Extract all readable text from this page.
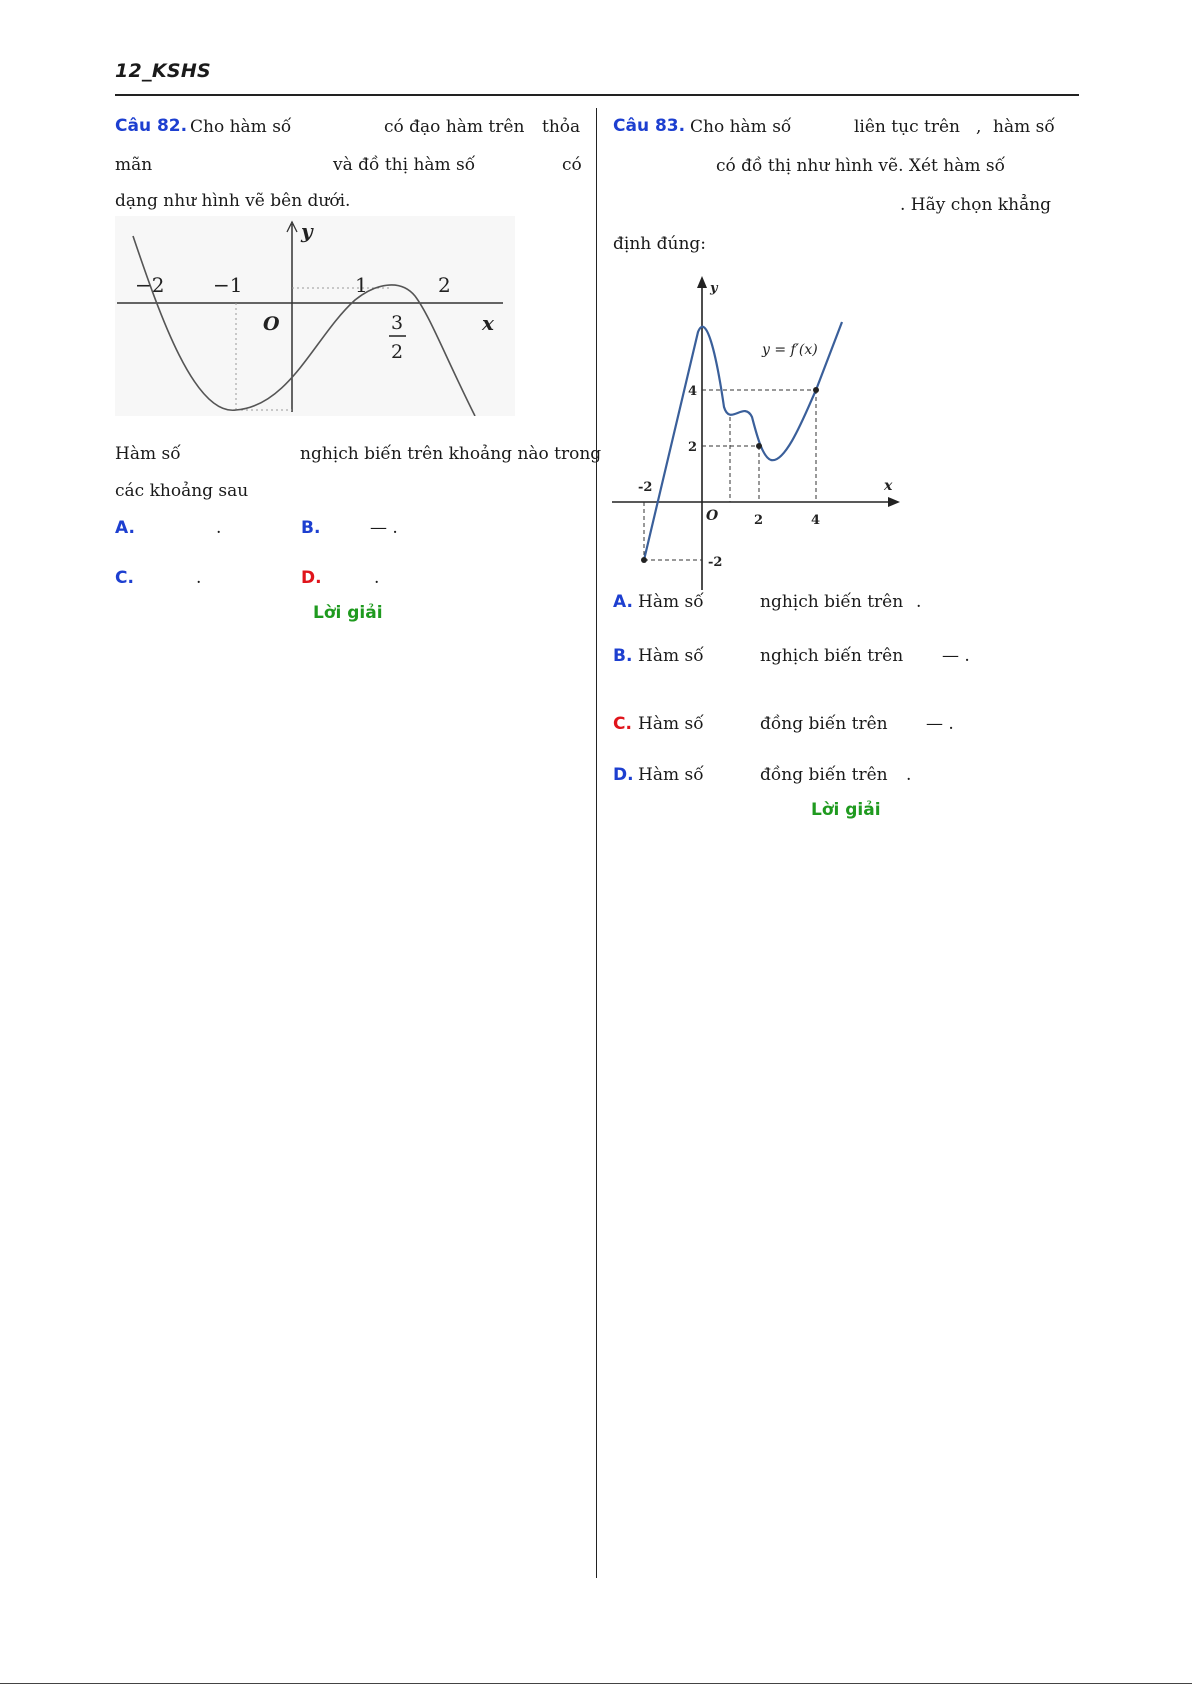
12_KSHS
Câu 82. Cho hàm số	có đạo hàm trên thỏa
mãn	và đồ thị hàm số	có
dạng như hình vẽ bên dưới.
y
x
O
−2 −1	1	2
3
2
Hàm số	nghịch biến trên khoảng nào trong
các khoảng sau
A.	.	B.	— .
C.	.	D.	.
Lời giải
Câu 83. Cho hàm số	liên tục trên , hàm số
có đồ thị như hình vẽ. Xét hàm số
. Hãy chọn khẳng
định đúng:
y
x
O
y = f′(x)
-2
2	4
4
2
-2
A. Hàm số	nghịch biến trên .
B. Hàm số	nghịch biến trên — .
C. Hàm số	đồng biến trên — .
D. Hàm số	đồng biến trên .
Lời giải
